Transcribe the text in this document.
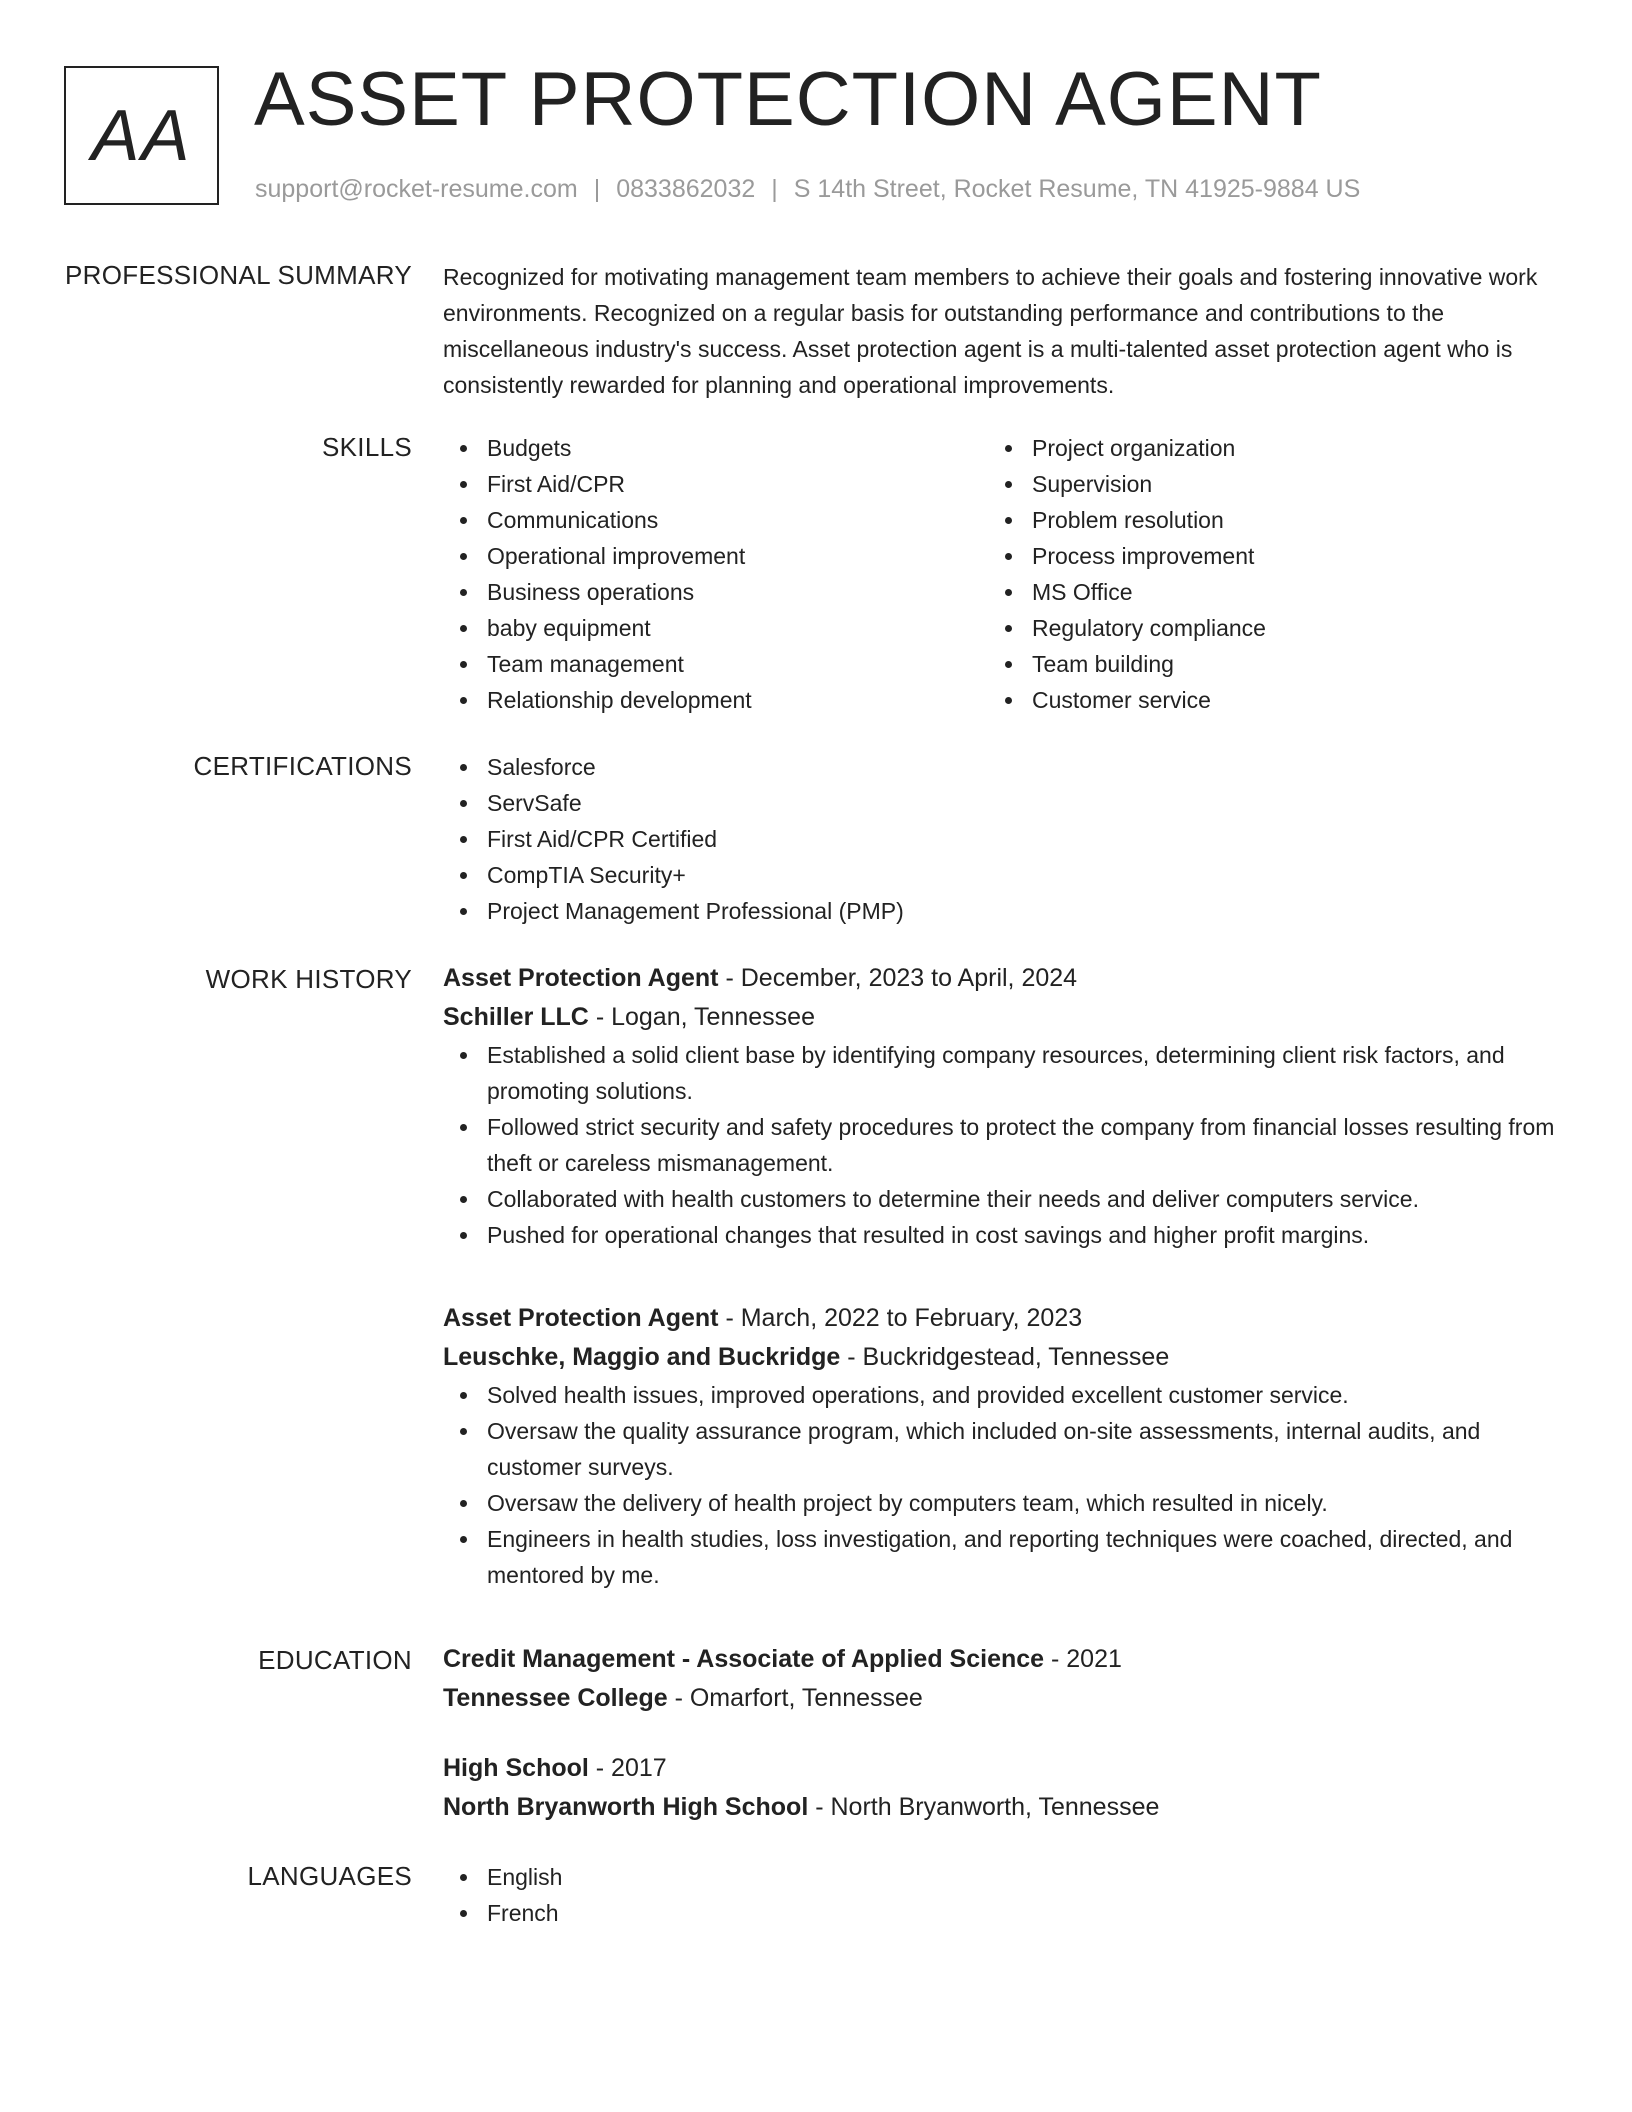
AA ASSET PROTECTION AGENT
support@rocket-resume.com | 0833862032 | S 14th Street, Rocket Resume, TN 41925-9884 US
PROFESSIONAL SUMMARY Recognized for motivating management team members to achieve their goals and fostering innovative work environments. Recognized on a regular basis for outstanding performance and contributions to the miscellaneous industry's success. Asset protection agent is a multi-talented asset protection agent who is consistently rewarded for planning and operational improvements.

SKILLS	Budgets
First Aid/CPR
Communications
Operational improvement
Business operations
baby equipment
Team management
Relationship development
Project organization
Supervision
Problem resolution
Process improvement
MS Office
Regulatory compliance
Team building
Customer service
CERTIFICATIONS	Salesforce
ServSafe
First Aid/CPR Certified
CompTIA Security+
Project Management Professional (PMP)
WORK HISTORY Asset Protection Agent - December, 2023 to April, 2024
Schiller LLC - Logan, Tennessee
Established a solid client base by identifying company resources, determining client risk factors, and promoting solutions.
Followed strict security and safety procedures to protect the company from financial losses resulting from theft or careless mismanagement.
Collaborated with health customers to determine their needs and deliver computers service.
Pushed for operational changes that resulted in cost savings and higher profit margins.
Asset Protection Agent - March, 2022 to February, 2023
Leuschke, Maggio and Buckridge - Buckridgestead, Tennessee
Solved health issues, improved operations, and provided excellent customer service.
Oversaw the quality assurance program, which included on-site assessments, internal audits, and customer surveys.
Oversaw the delivery of health project by computers team, which resulted in nicely.
Engineers in health studies, loss investigation, and reporting techniques were coached, directed, and mentored by me.
EDUCATION Credit Management - Associate of Applied Science - 2021
Tennessee College - Omarfort, Tennessee
High School - 2017
North Bryanworth High School - North Bryanworth, Tennessee
LANGUAGES	English
French
